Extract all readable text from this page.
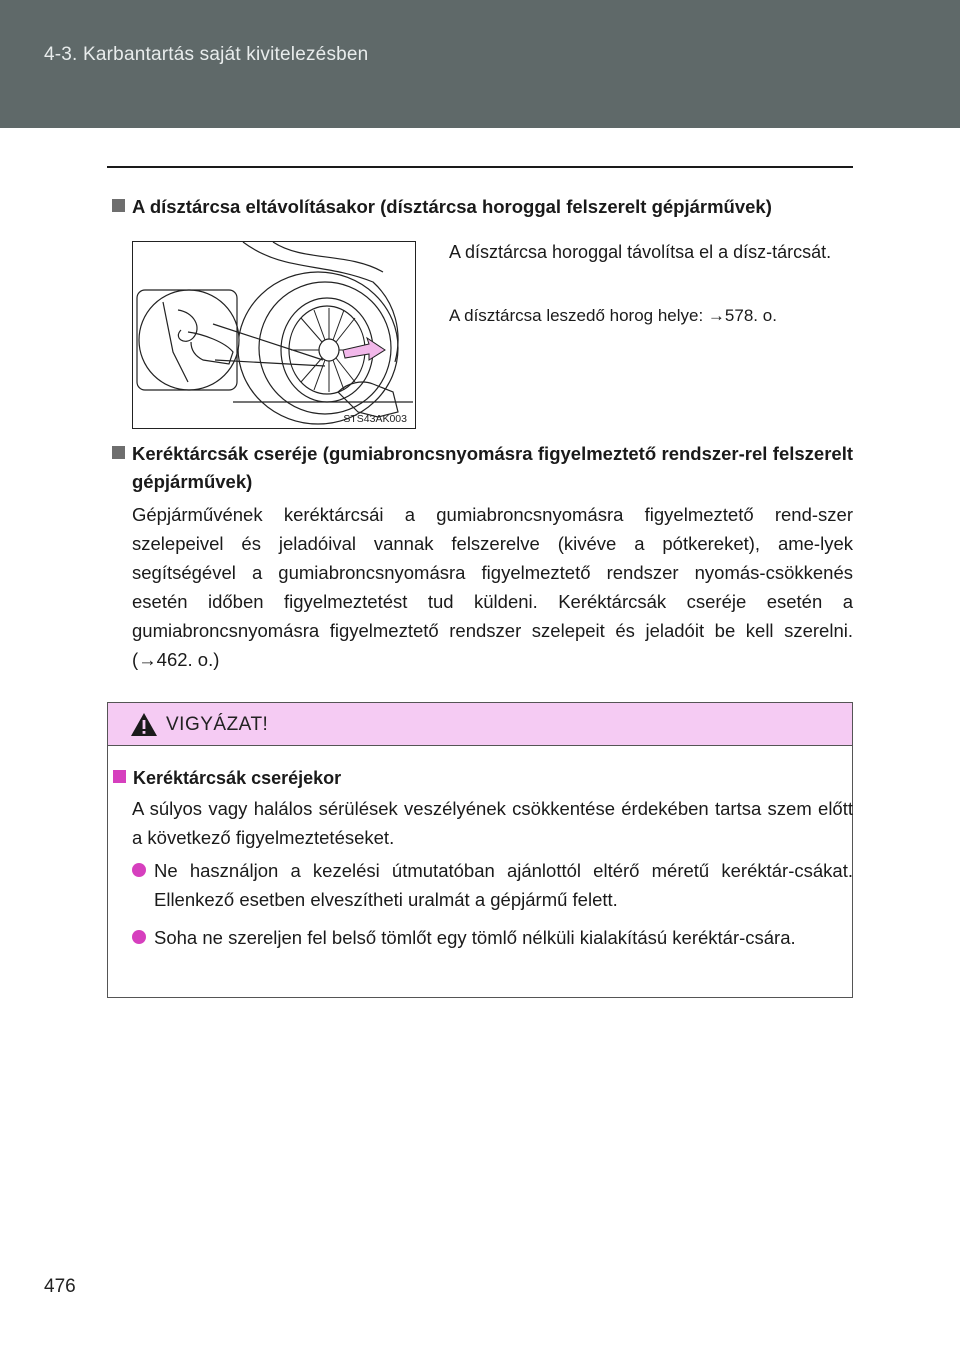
4-3. Karbantartás saját kivitelezésben
A dísztárcsa eltávolításakor (dísztárcsa horoggal felszerelt gépjárművek)
STS43AK003
A dísztárcsa horoggal távolítsa el a dísz-tárcsát.
A dísztárcsa leszedő horog helye: →578. o.
Keréktárcsák cseréje (gumiabroncsnyomásra figyelmeztető rendszer-rel felszerelt gépjárművek)
Gépjárművének keréktárcsái a gumiabroncsnyomásra figyelmeztető rend-szer szelepeivel és jeladóival vannak felszerelve (kivéve a pótkereket), ame-lyek segítségével a gumiabroncsnyomásra figyelmeztető rendszer nyomás-csökkenés esetén időben figyelmeztetést tud küldeni. Keréktárcsák cseréje esetén a gumiabroncsnyomásra figyelmeztető rendszer szelepeit és jeladóit be kell szerelni. (→462. o.)
VIGYÁZAT!
Keréktárcsák cseréjekor
A súlyos vagy halálos sérülések veszélyének csökkentése érdekében tartsa szem előtt a következő figyelmeztetéseket.
Ne használjon a kezelési útmutatóban ajánlottól eltérő méretű keréktár-csákat. Ellenkező esetben elveszítheti uralmát a gépjármű felett.
Soha ne szereljen fel belső tömlőt egy tömlő nélküli kialakítású keréktár-csára.
476
